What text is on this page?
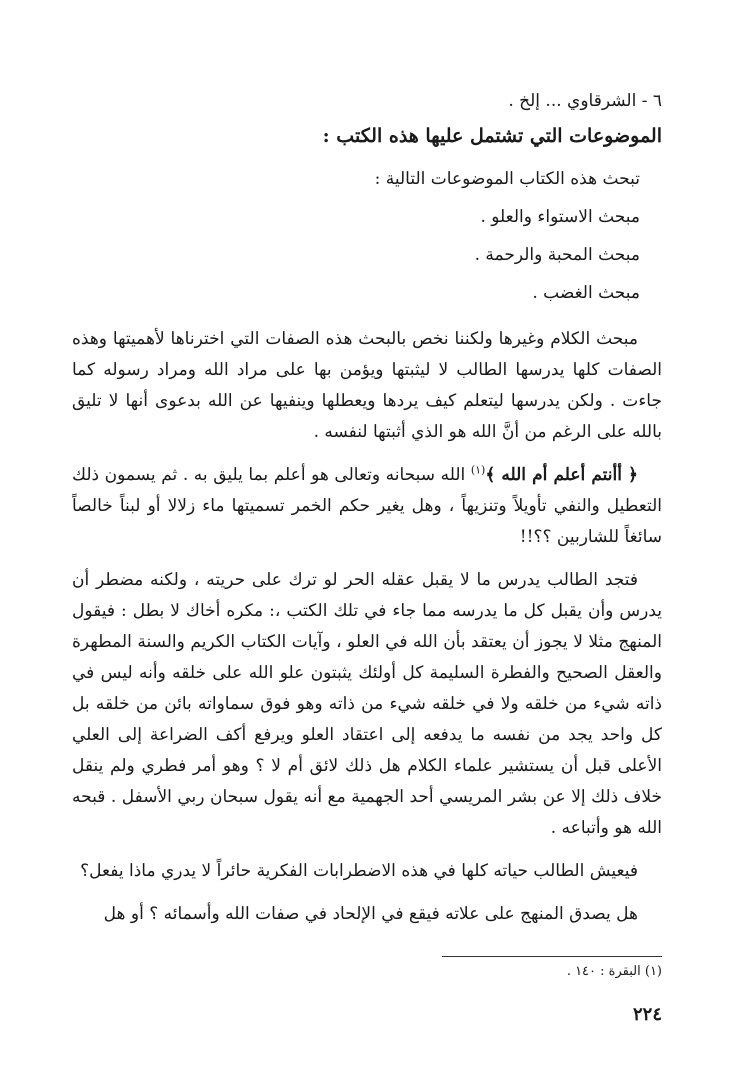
٦ - الشرقاوي ... إلخ .

الموضوعات التي تشتمل عليها هذه الكتب :

تبحث هذه الكتاب الموضوعات التالية :

مبحث الاستواء والعلو .

مبحث المحبة والرحمة .

مبحث الغضب .

مبحث الكلام وغيرها ولكننا نخص بالبحث هذه الصفات التي اخترناها لأهميتها وهذه الصفات كلها يدرسها الطالب لا ليثبتها ويؤمن بها على مراد الله ومراد رسوله كما جاءت . ولكن يدرسها ليتعلم كيف يردها ويعطلها وينفيها عن الله بدعوى أنها لا تليق بالله على الرغم من أنَّ الله هو الذي أثبتها لنفسه .

﴿ أأنتم أعلم أم الله ﴾$^{(١)}$ الله سبحانه وتعالى هو أعلم بما يليق به . ثم يسمون ذلك التعطيل والنفي تأويلاً وتنزيهاً ، وهل يغير حكم الخمر تسميتها ماء زلالا أو لبناً خالصاً سائغاً للشاربين ؟؟!!

فتجد الطالب يدرس ما لا يقبل عقله الحر لو ترك على حريته ، ولكنه مضطر أن يدرس وأن يقبل كل ما يدرسه مما جاء في تلك الكتب ،: مكره أخاك لا بطل : فيقول المنهج مثلا لا يجوز أن يعتقد بأن الله في العلو ، وآيات الكتاب الكريم والسنة المطهرة والعقل الصحيح والفطرة السليمة كل أولئك يثبتون علو الله على خلقه وأنه ليس في ذاته شيء من خلقه ولا في خلقه شيء من ذاته وهو فوق سماواته بائن من خلقه بل كل واحد يجد من نفسه ما يدفعه إلى اعتقاد العلو ويرفع أكف الضراعة إلى العلي الأعلى قبل أن يستشير علماء الكلام هل ذلك لائق أم لا ؟ وهو أمر فطري ولم ينقل خلاف ذلك إلا عن بشر المريسي أحد الجهمية مع أنه يقول سبحان ربي الأسفل . قبحه الله هو وأتباعه .

فيعيش الطالب حياته كلها في هذه الاضطرابات الفكرية حائراً لا يدري ماذا يفعل؟

هل يصدق المنهج على علاته فيقع في الإلحاد في صفات الله وأسمائه ؟ أو هل

(١) البقرة : ١٤٠ .
٢٢٤
